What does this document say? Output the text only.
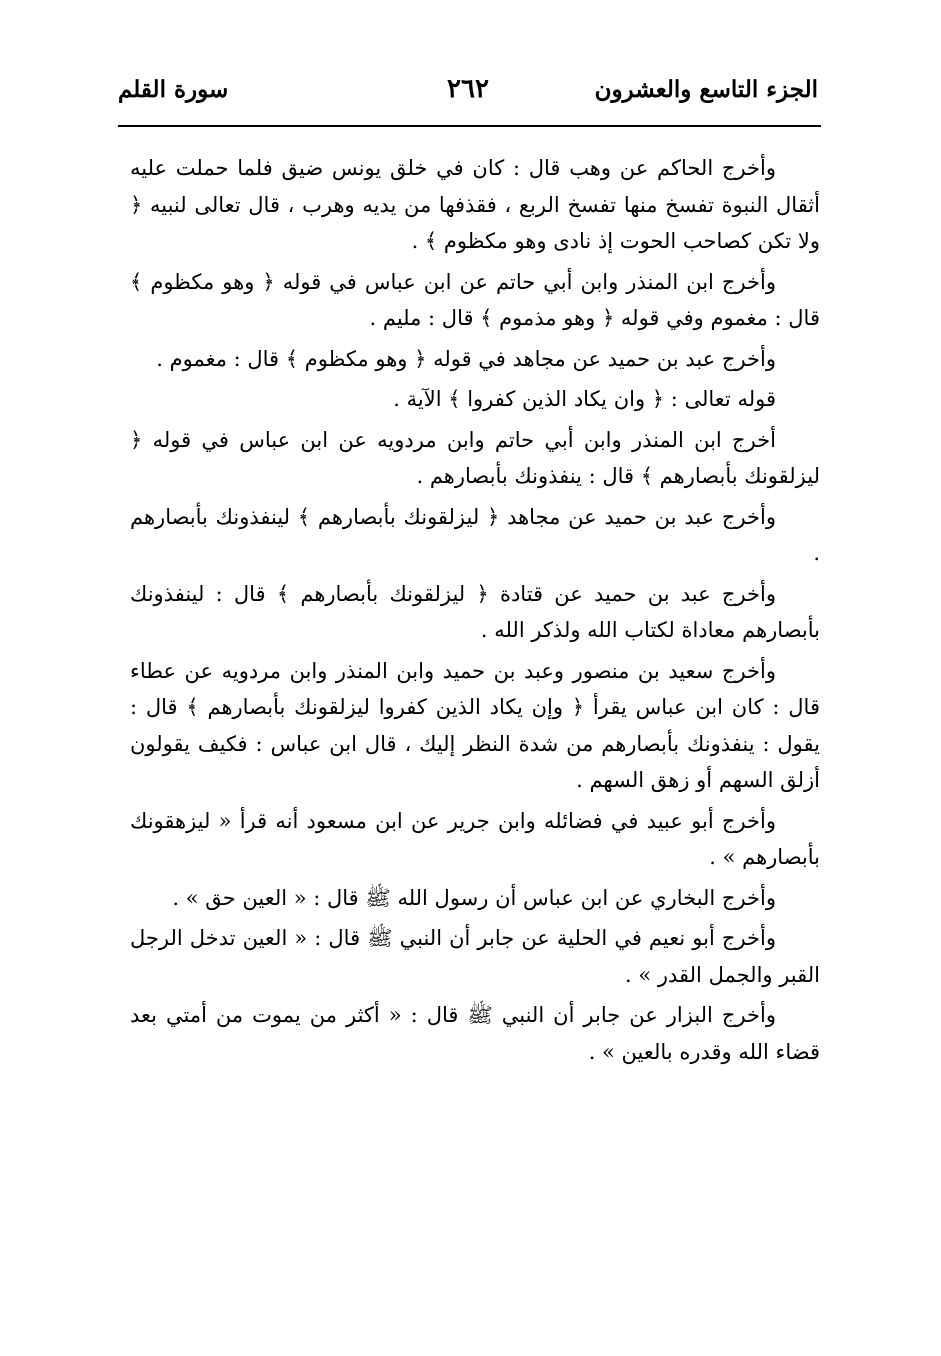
الجزء التاسع والعشرون
٢٦٢
سورة القلم

وأخرج الحاكم عن وهب قال : كان في خلق يونس ضيق فلما حملت عليه أثقال النبوة تفسخ منها تفسخ الربع ، فقذفها من يديه وهرب ، قال تعالى لنبيه ﴿ ولا تكن كصاحب الحوت إذ نادى وهو مكظوم ﴾ .

وأخرج ابن المنذر وابن أبي حاتم عن ابن عباس في قوله ﴿ وهو مكظوم ﴾ قال : مغموم وفي قوله ﴿ وهو مذموم ﴾ قال : مليم .

وأخرج عبد بن حميد عن مجاهد في قوله ﴿ وهو مكظوم ﴾ قال : مغموم .

قوله تعالى : ﴿ وان يكاد الذين كفروا ﴾ الآية .

أخرج ابن المنذر وابن أبي حاتم وابن مردويه عن ابن عباس في قوله ﴿ ليزلقونك بأبصارهم ﴾ قال : ينفذونك بأبصارهم .

وأخرج عبد بن حميد عن مجاهد ﴿ ليزلقونك بأبصارهم ﴾ لينفذونك بأبصارهم .

وأخرج عبد بن حميد عن قتادة ﴿ ليزلقونك بأبصارهم ﴾ قال : لينفذونك بأبصارهم معاداة لكتاب الله ولذكر الله .

وأخرج سعيد بن منصور وعبد بن حميد وابن المنذر وابن مردويه عن عطاء قال : كان ابن عباس يقرأ ﴿ وإن يكاد الذين كفروا ليزلقونك بأبصارهم ﴾ قال : يقول : ينفذونك بأبصارهم من شدة النظر إليك ، قال ابن عباس : فكيف يقولون أزلق السهم أو زهق السهم .

وأخرج أبو عبيد في فضائله وابن جرير عن ابن مسعود أنه قرأ « ليزهقونك بأبصارهم » .

وأخرج البخاري عن ابن عباس أن رسول الله ﷺ قال : « العين حق » .

وأخرج أبو نعيم في الحلية عن جابر أن النبي ﷺ قال : « العين تدخل الرجل القبر والجمل القدر » .

وأخرج البزار عن جابر أن النبي ﷺ قال : « أكثر من يموت من أمتي بعد قضاء الله وقدره بالعين » .
